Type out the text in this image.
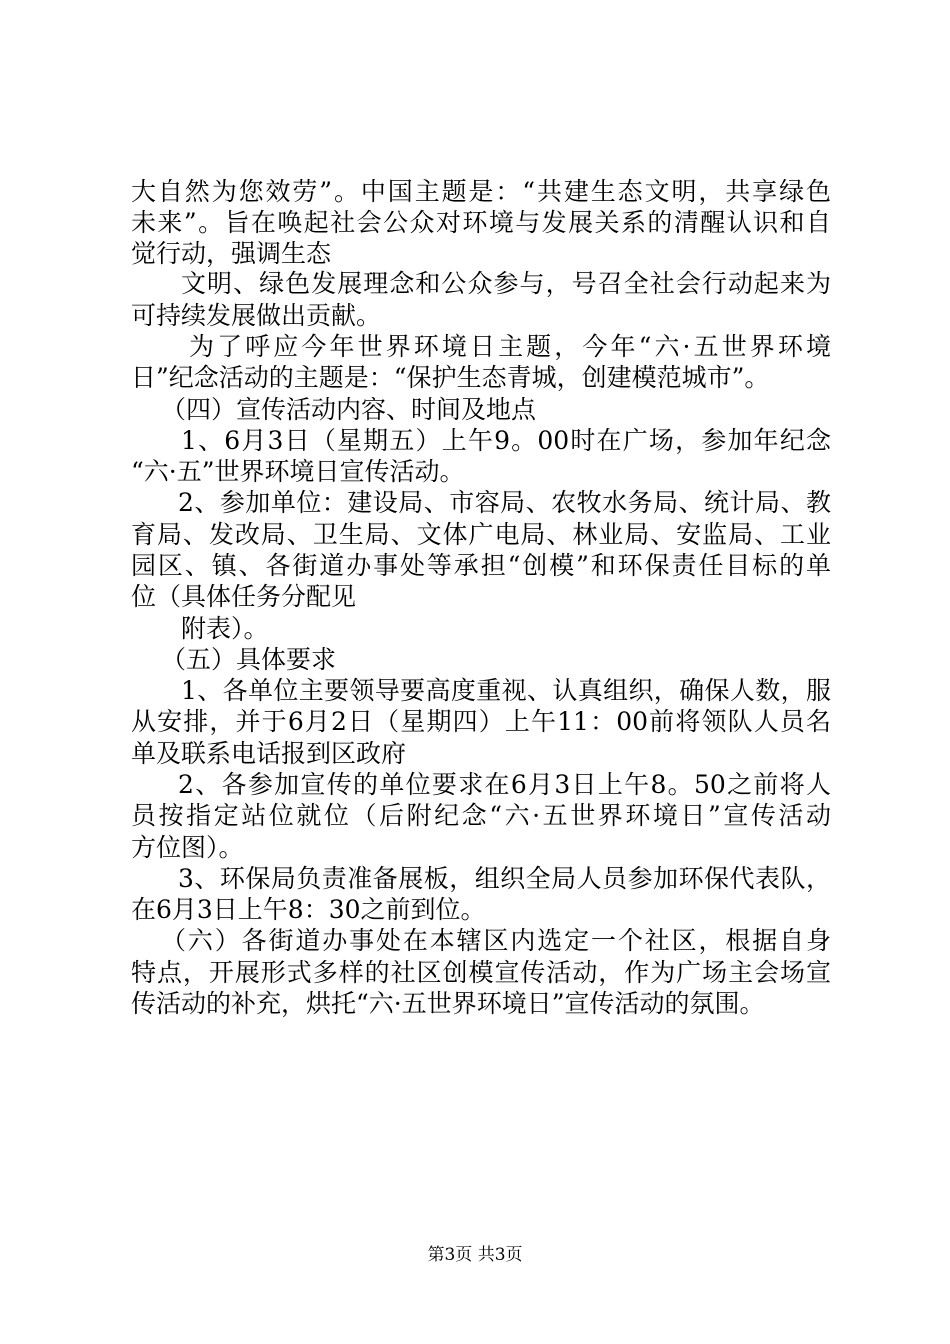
大自然为您效劳”。中国主题是：“共建生态文明，共享绿色
未来”。旨在唤起社会公众对环境与发展关系的清醒认识和自
觉行动，强调生态
文明、绿色发展理念和公众参与，号召全社会行动起来为
可持续发展做出贡献。
为了呼应今年世界环境日主题，今年“六·五世界环境
日”纪念活动的主题是：“保护生态青城，创建模范城市”。
（四）宣传活动内容、时间及地点
1、6月3日（星期五）上午9。00时在广场，参加年纪念
“六·五”世界环境日宣传活动。
2、参加单位：建设局、市容局、农牧水务局、统计局、教
育局、发改局、卫生局、文体广电局、林业局、安监局、工业
园区、镇、各街道办事处等承担“创模”和环保责任目标的单
位（具体任务分配见
附表）。
（五）具体要求
1、各单位主要领导要高度重视、认真组织，确保人数，服
从安排，并于6月2日（星期四）上午11：00前将领队人员名
单及联系电话报到区政府
2、各参加宣传的单位要求在6月3日上午8。50之前将人
员按指定站位就位（后附纪念“六·五世界环境日”宣传活动
方位图）。
3、环保局负责准备展板，组织全局人员参加环保代表队，
在6月3日上午8：30之前到位。
（六）各街道办事处在本辖区内选定一个社区，根据自身
特点，开展形式多样的社区创模宣传活动，作为广场主会场宣
传活动的补充，烘托“六·五世界环境日”宣传活动的氛围。
第3页 共3页
